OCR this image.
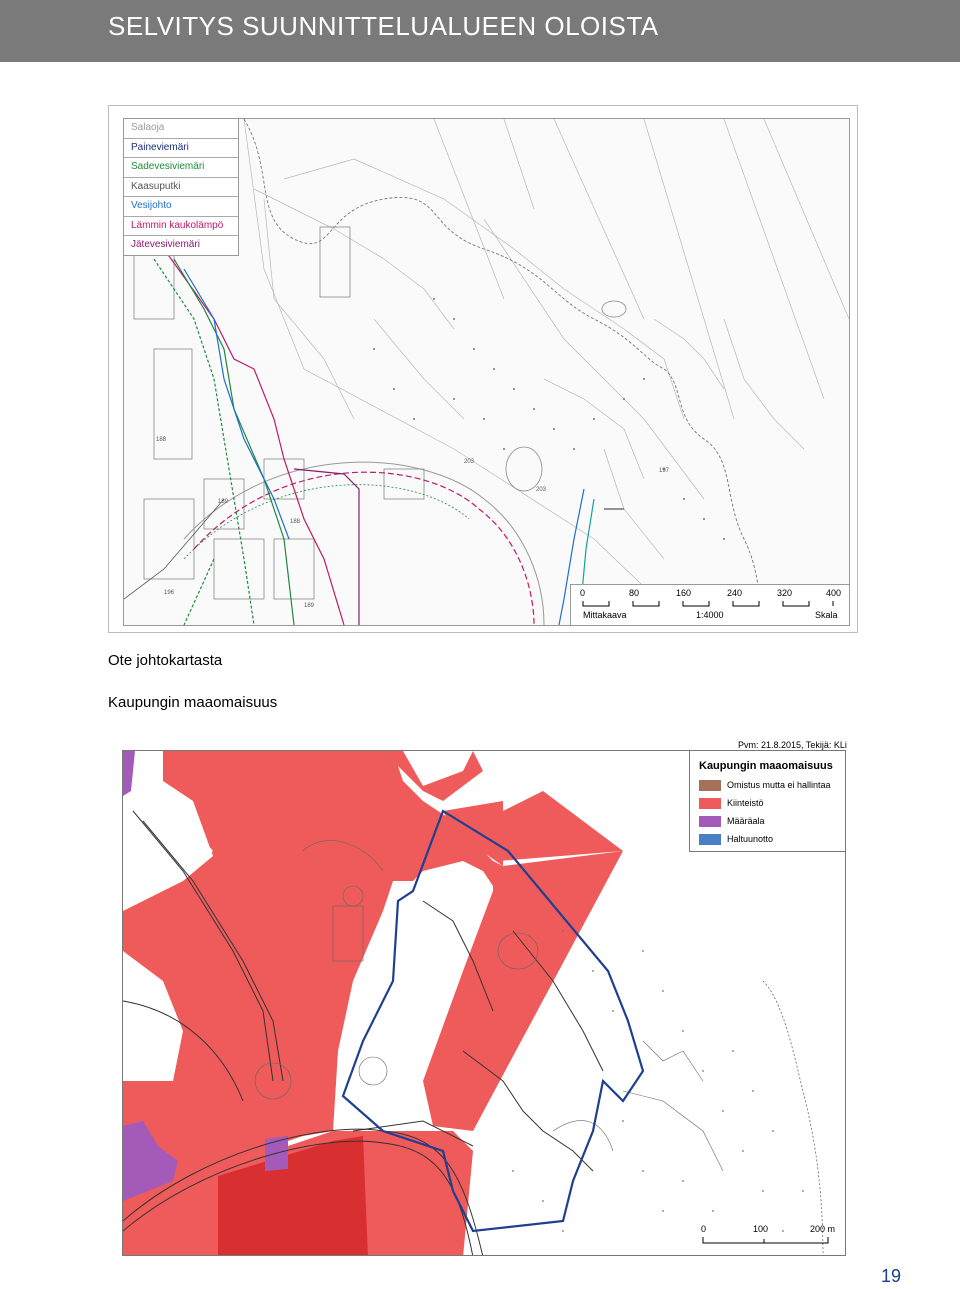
SELVITYS SUUNNITTELUALUEEN OLOISTA
188
189
196
197
203
203
188
189
Salaoja
Paineviemäri
Sadevesiviemäri
Kaasuputki
Vesijohto
Lämmin kaukolämpö
Jätevesiviemäri
0	80	160	240	320	400
Mittakaava	1:4000	Skala
Ote johtokartasta
Kaupungin maaomaisuus
Pvm: 21.8.2015, Tekijä: KLi
Kaupungin maaomaisuus
Omistus mutta ei hallintaa
Kiinteistö
Määräala
Haltuunotto
0	100	200 m
19
